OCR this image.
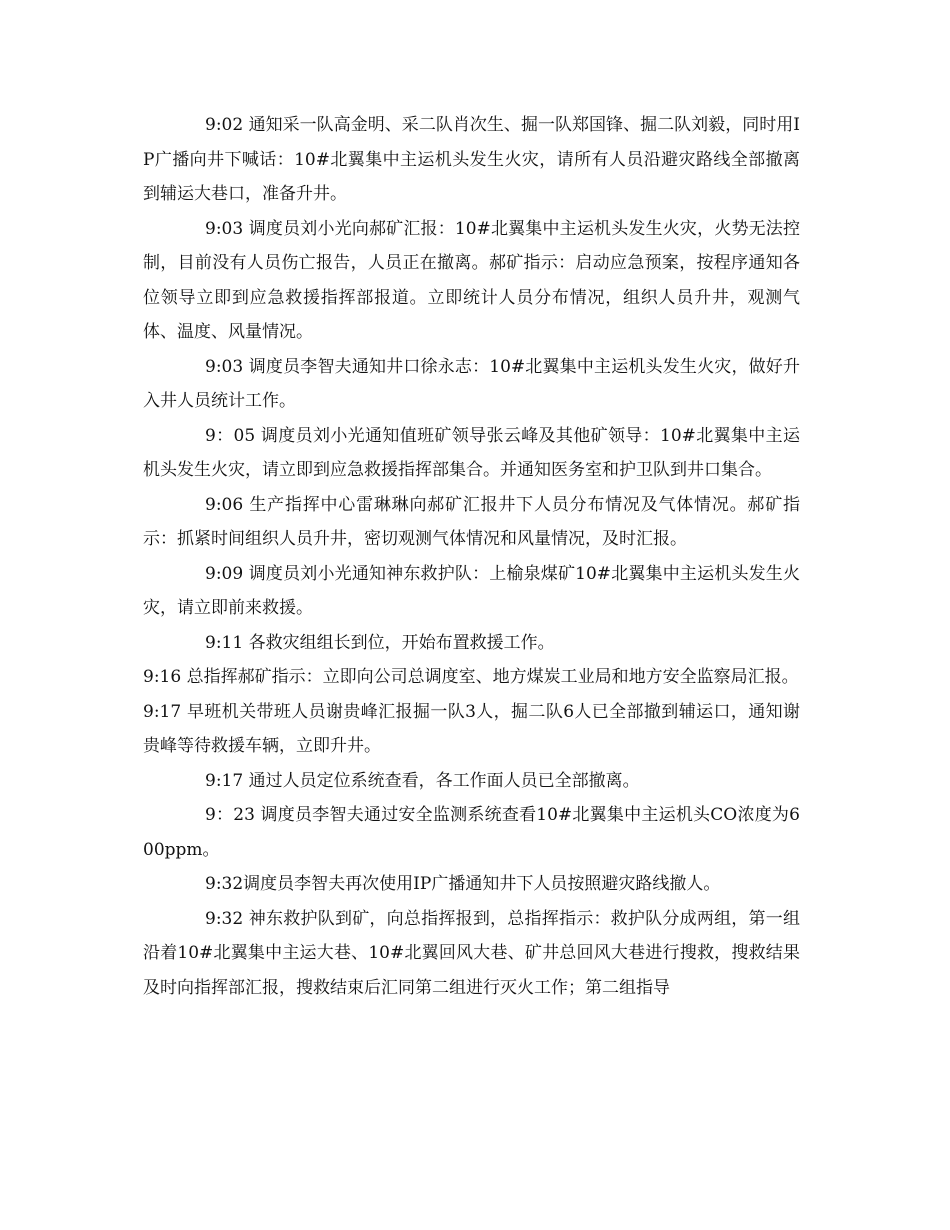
9:02 通知采一队高金明、采二队肖次生、掘一队郑国锋、掘二队刘毅，同时用IP广播向井下喊话：10#北翼集中主运机头发生火灾，请所有人员沿避灾路线全部撤离到辅运大巷口，准备升井。

9:03 调度员刘小光向郝矿汇报：10#北翼集中主运机头发生火灾，火势无法控制，目前没有人员伤亡报告，人员正在撤离。郝矿指示：启动应急预案，按程序通知各位领导立即到应急救援指挥部报道。立即统计人员分布情况，组织人员升井，观测气体、温度、风量情况。

9:03 调度员李智夫通知井口徐永志：10#北翼集中主运机头发生火灾，做好升入井人员统计工作。

9：05 调度员刘小光通知值班矿领导张云峰及其他矿领导：10#北翼集中主运机头发生火灾，请立即到应急救援指挥部集合。并通知医务室和护卫队到井口集合。

9:06 生产指挥中心雷琳琳向郝矿汇报井下人员分布情况及气体情况。郝矿指示：抓紧时间组织人员升井，密切观测气体情况和风量情况，及时汇报。

9:09 调度员刘小光通知神东救护队：上榆泉煤矿10#北翼集中主运机头发生火灾，请立即前来救援。

9:11 各救灾组组长到位，开始布置救援工作。

9:16 总指挥郝矿指示：立即向公司总调度室、地方煤炭工业局和地方安全监察局汇报。

9:17 早班机关带班人员谢贵峰汇报掘一队3人，掘二队6人已全部撤到辅运口，通知谢贵峰等待救援车辆，立即升井。

9:17 通过人员定位系统查看，各工作面人员已全部撤离。

9：23 调度员李智夫通过安全监测系统查看10#北翼集中主运机头CO浓度为600ppm。

9:32调度员李智夫再次使用IP广播通知井下人员按照避灾路线撤人。

9:32 神东救护队到矿，向总指挥报到，总指挥指示：救护队分成两组，第一组沿着10#北翼集中主运大巷、10#北翼回风大巷、矿井总回风大巷进行搜救，搜救结果及时向指挥部汇报，搜救结束后汇同第二组进行灭火工作；第二组指导
